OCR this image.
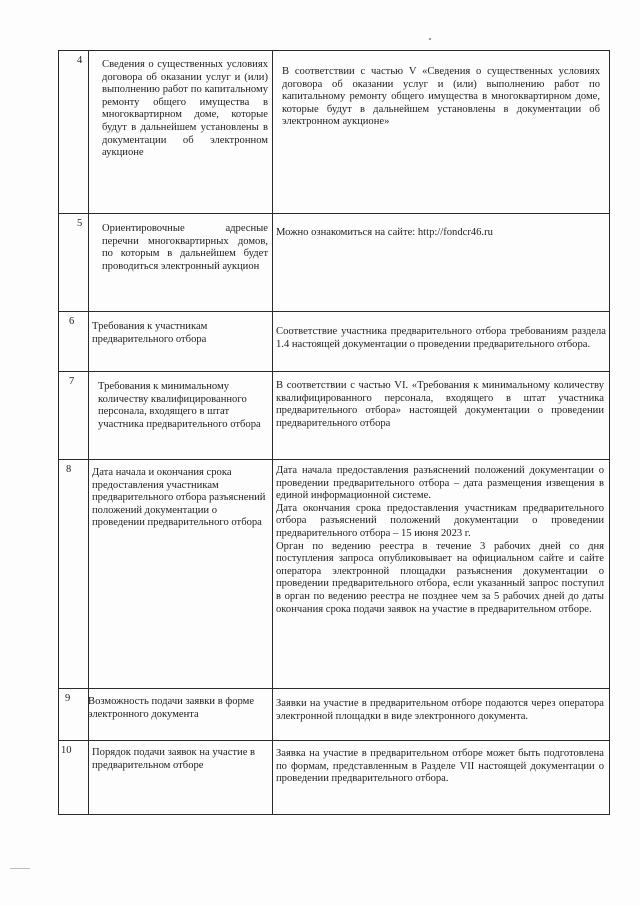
4 Сведения о существенных условиях договора об оказании услуг и (или) выполнению работ по капитальному ремонту общего имущества в многоквартирном доме, которые будут в дальнейшем установлены в документации об электронном аукционе
В соответствии с частью V «Сведения о существенных условиях договора об оказании услуг и (или) выполнению работ по капитальному ремонту общего имущества в многоквартирном доме, которые будут в дальнейшем установлены в документации об электронном аукционе»
5 Ориентировочные адресные перечни многоквартирных домов, по которым в дальнейшем будет проводиться электронный аукцион
Можно ознакомиться на сайте: http://fondcr46.ru
6 Требования к участникам предварительного отбора
Соответствие участника предварительного отбора требованиям раздела 1.4 настоящей документации о проведении предварительного отбора.
7 Требования к минимальному количеству квалифицированного персонала, входящего в штат участника предварительного отбора
В соответствии с частью VI. «Требования к минимальному количеству квалифицированного персонала, входящего в штат участника предварительного отбора» настоящей документации о проведении предварительного отбора
8 Дата начала и окончания срока предоставления участникам предварительного отбора разъяснений положений документации о проведении предварительного отбора
Дата начала предоставления разъяснений положений документации о проведении предварительного отбора – дата размещения извещения в единой информационной системе.
Дата окончания срока предоставления участникам предварительного отбора разъяснений положений документации о проведении предварительного отбора – 15 июня 2023 г.
Орган по ведению реестра в течение 3 рабочих дней со дня поступления запроса опубликовывает на официальном сайте и сайте оператора электронной площадки разъяснения документации о проведении предварительного отбора, если указанный запрос поступил в орган по ведению реестра не позднее чем за 5 рабочих дней до даты окончания срока подачи заявок на участие в предварительном отборе.
9 Возможность подачи заявки в форме электронного документа
Заявки на участие в предварительном отборе подаются через оператора электронной площадки в виде электронного документа.
10 Порядок подачи заявок на участие в предварительном отборе
Заявка на участие в предварительном отборе может быть подготовлена по формам, представленным в Разделе VII настоящей документации о проведении предварительного отбора.
